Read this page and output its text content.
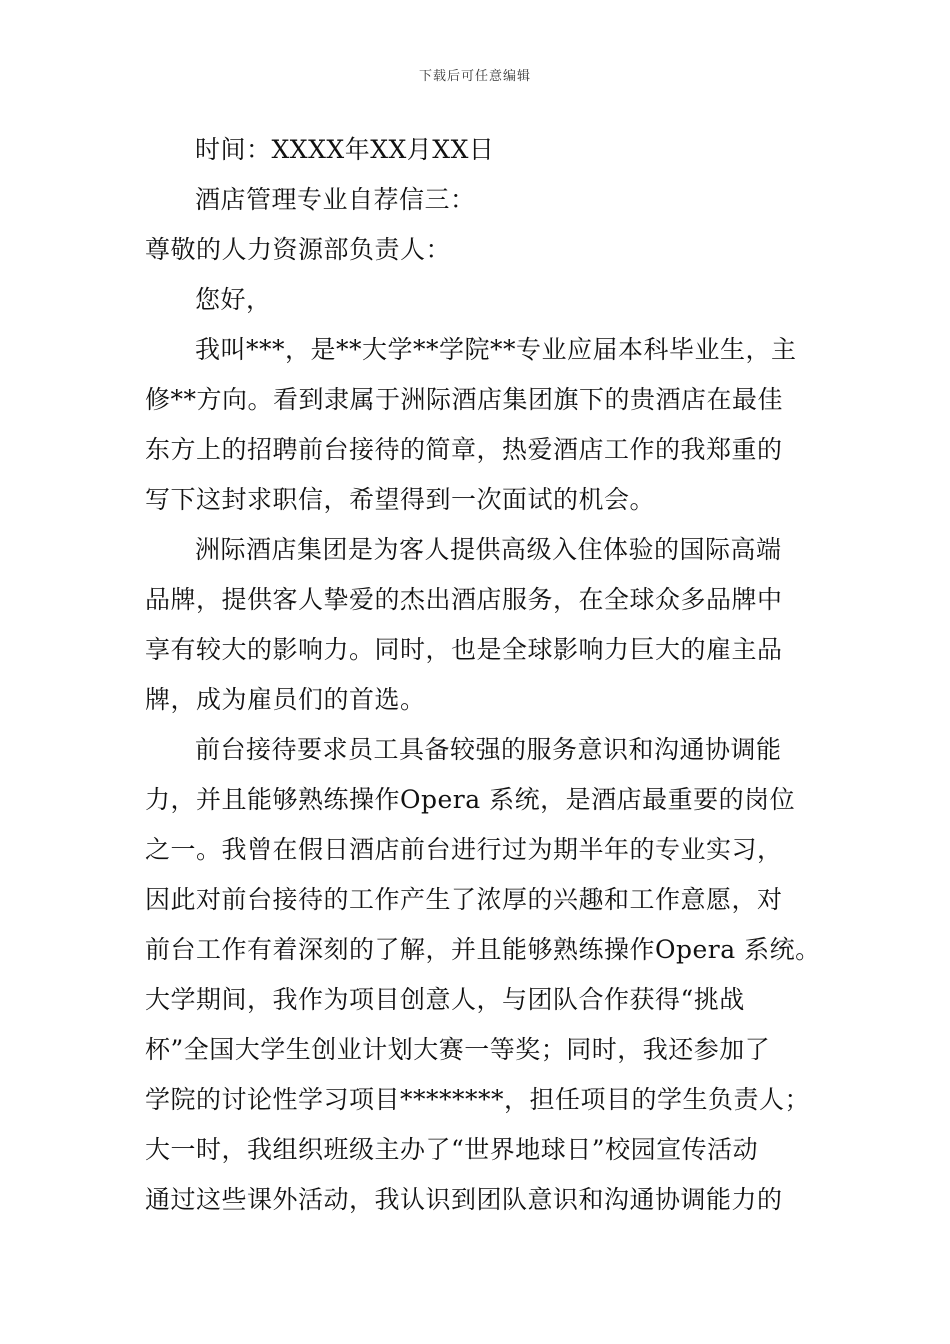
下载后可任意编辑
时间：XXXX年XX月XX日
酒店管理专业自荐信三：
尊敬的人力资源部负责人：
您好，
我叫***，是**大学**学院**专业应届本科毕业生，主
修**方向。看到隶属于洲际酒店集团旗下的贵酒店在最佳
东方上的招聘前台接待的简章，热爱酒店工作的我郑重的
写下这封求职信，希望得到一次面试的机会。
洲际酒店集团是为客人提供高级入住体验的国际高端
品牌，提供客人挚爱的杰出酒店服务，在全球众多品牌中
享有较大的影响力。同时，也是全球影响力巨大的雇主品
牌，成为雇员们的首选。
前台接待要求员工具备较强的服务意识和沟通协调能
力，并且能够熟练操作Opera 系统，是酒店最重要的岗位
之一。我曾在假日酒店前台进行过为期半年的专业实习，
因此对前台接待的工作产生了浓厚的兴趣和工作意愿，对
前台工作有着深刻的了解，并且能够熟练操作Opera 系统。
大学期间，我作为项目创意人，与团队合作获得“挑战
杯”全国大学生创业计划大赛一等奖；同时，我还参加了
学院的讨论性学习项目********，担任项目的学生负责人；
大一时，我组织班级主办了“世界地球日”校园宣传活动
通过这些课外活动，我认识到团队意识和沟通协调能力的
